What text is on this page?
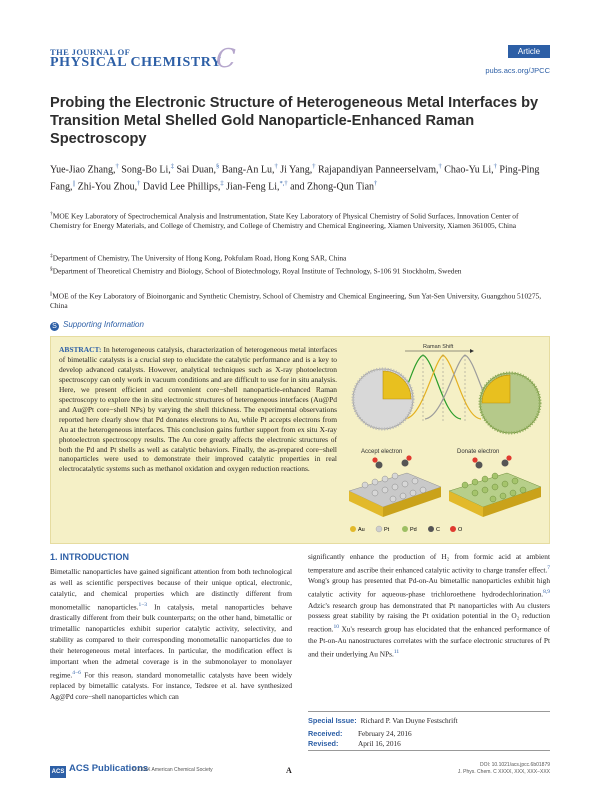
THE JOURNAL OF
PHYSICAL CHEMISTRY
C	Article
pubs.acs.org/JPCC
Probing the Electronic Structure of Heterogeneous Metal Interfaces by Transition Metal Shelled Gold Nanoparticle-Enhanced Raman Spectroscopy
Yue-Jiao Zhang,† Song-Bo Li,‡ Sai Duan,§ Bang-An Lu,† Ji Yang,† Rajapandiyan Panneerselvam,† Chao-Yu Li,† Ping-Ping Fang,|| Zhi-You Zhou,† David Lee Phillips,‡ Jian-Feng Li,*,† and Zhong-Qun Tian†
†MOE Key Laboratory of Spectrochemical Analysis and Instrumentation, State Key Laboratory of Physical Chemistry of Solid Surfaces, Innovation Center of Chemistry for Energy Materials, and College of Chemistry, and College of Chemistry and Chemical Engineering, Xiamen University, Xiamen 361005, China
‡Department of Chemistry, The University of Hong Kong, Pokfulam Road, Hong Kong SAR, China
§Department of Theoretical Chemistry and Biology, School of Biotechnology, Royal Institute of Technology, S-106 91 Stockholm, Sweden
||MOE of the Key Laboratory of Bioinorganic and Synthetic Chemistry, School of Chemistry and Chemical Engineering, Sun Yat-Sen University, Guangzhou 510275, China
S Supporting Information
ABSTRACT: In heterogeneous catalysis, characterization of heterogeneous metal interfaces of bimetallic catalysts is a crucial step to elucidate the catalytic performance and is a key to develop advanced catalysts. However, analytical techniques such as X-ray photoelectron spectroscopy can only work in vacuum conditions and are difficult to use for in situ analysis. Here, we present efficient and convenient core−shell nanoparticle-enhanced Raman spectroscopy to explore the in situ electronic structures of heterogeneous interfaces (Au@Pd and Au@Pt core−shell NPs) by varying the shell thickness. The experimental observations reported here clearly show that Pd donates electrons to Au, while Pt accepts electrons from Au at the heterogeneous interfaces. This conclusion gains further support from ex situ X-ray photoelectron spectroscopy results. The Au core greatly affects the electronic structures of both the Pd and Pt shells as well as catalytic behaviors. Finally, the as-prepared core−shell nanoparticles were used to demonstrate their improved catalytic properties in real electrocatalytic systems such as methanol oxidation and oxygen reduction reactions.
Raman Shift
Accept electron	Donate electron
Au	Pt	Pd	C	O
1. INTRODUCTION
Bimetallic nanoparticles have gained significant attention from both technological as well as scientific perspectives because of their unique optical, electronic, catalytic, and chemical properties which are distinctly different from monometallic nanoparticles.$^{1-3}$ In catalysis, metal nanoparticles behave drastically different from their bulk counterparts; on the other hand, bimetallic or trimetallic nanoparticles exhibit superior catalytic activity, selectivity, and stability as compared to their corresponding monometallic nanoparticles due to their heterogeneous metal interfaces. In particular, the modification effect is important when the admetal coverage is in the submonolayer to monolayer regime.$^{4-6}$ For this reason, standard monometallic catalysts have been widely replaced by bimetallic catalysts. For instance, Tedsree et al. have synthesized Ag@Pd core−shell nanoparticles which can
significantly enhance the production of H₂ from formic acid at ambient temperature and ascribe their enhanced catalytic activity to charge transfer effect.$^7$ Wong's group has presented that Pd-on-Au bimetallic nanoparticles exhibit high catalytic activity for aqueous-phase trichloroethene hydrodechlorination.$^{8,9}$ Adzic's research group has demonstrated that Pt nanoparticles with Au clusters possess great stability by raising the Pt oxidation potential in the O₂ reduction reaction.$^{10}$ Xu's research group has elucidated that the enhanced performance of the Pt-on-Au nanostructures correlates with the surface electronic structures of Pt and their underlying Au NPs.$^{11}$
Special Issue: Richard P. Van Duyne Festschrift
Received: February 24, 2016
Revised:	April 16, 2016
ACS ACS Publications
© XXXX American Chemical Society	A
DOI: 10.1021/acs.jpcc.6b01879
J. Phys. Chem. C XXXX, XXX, XXX−XXX
